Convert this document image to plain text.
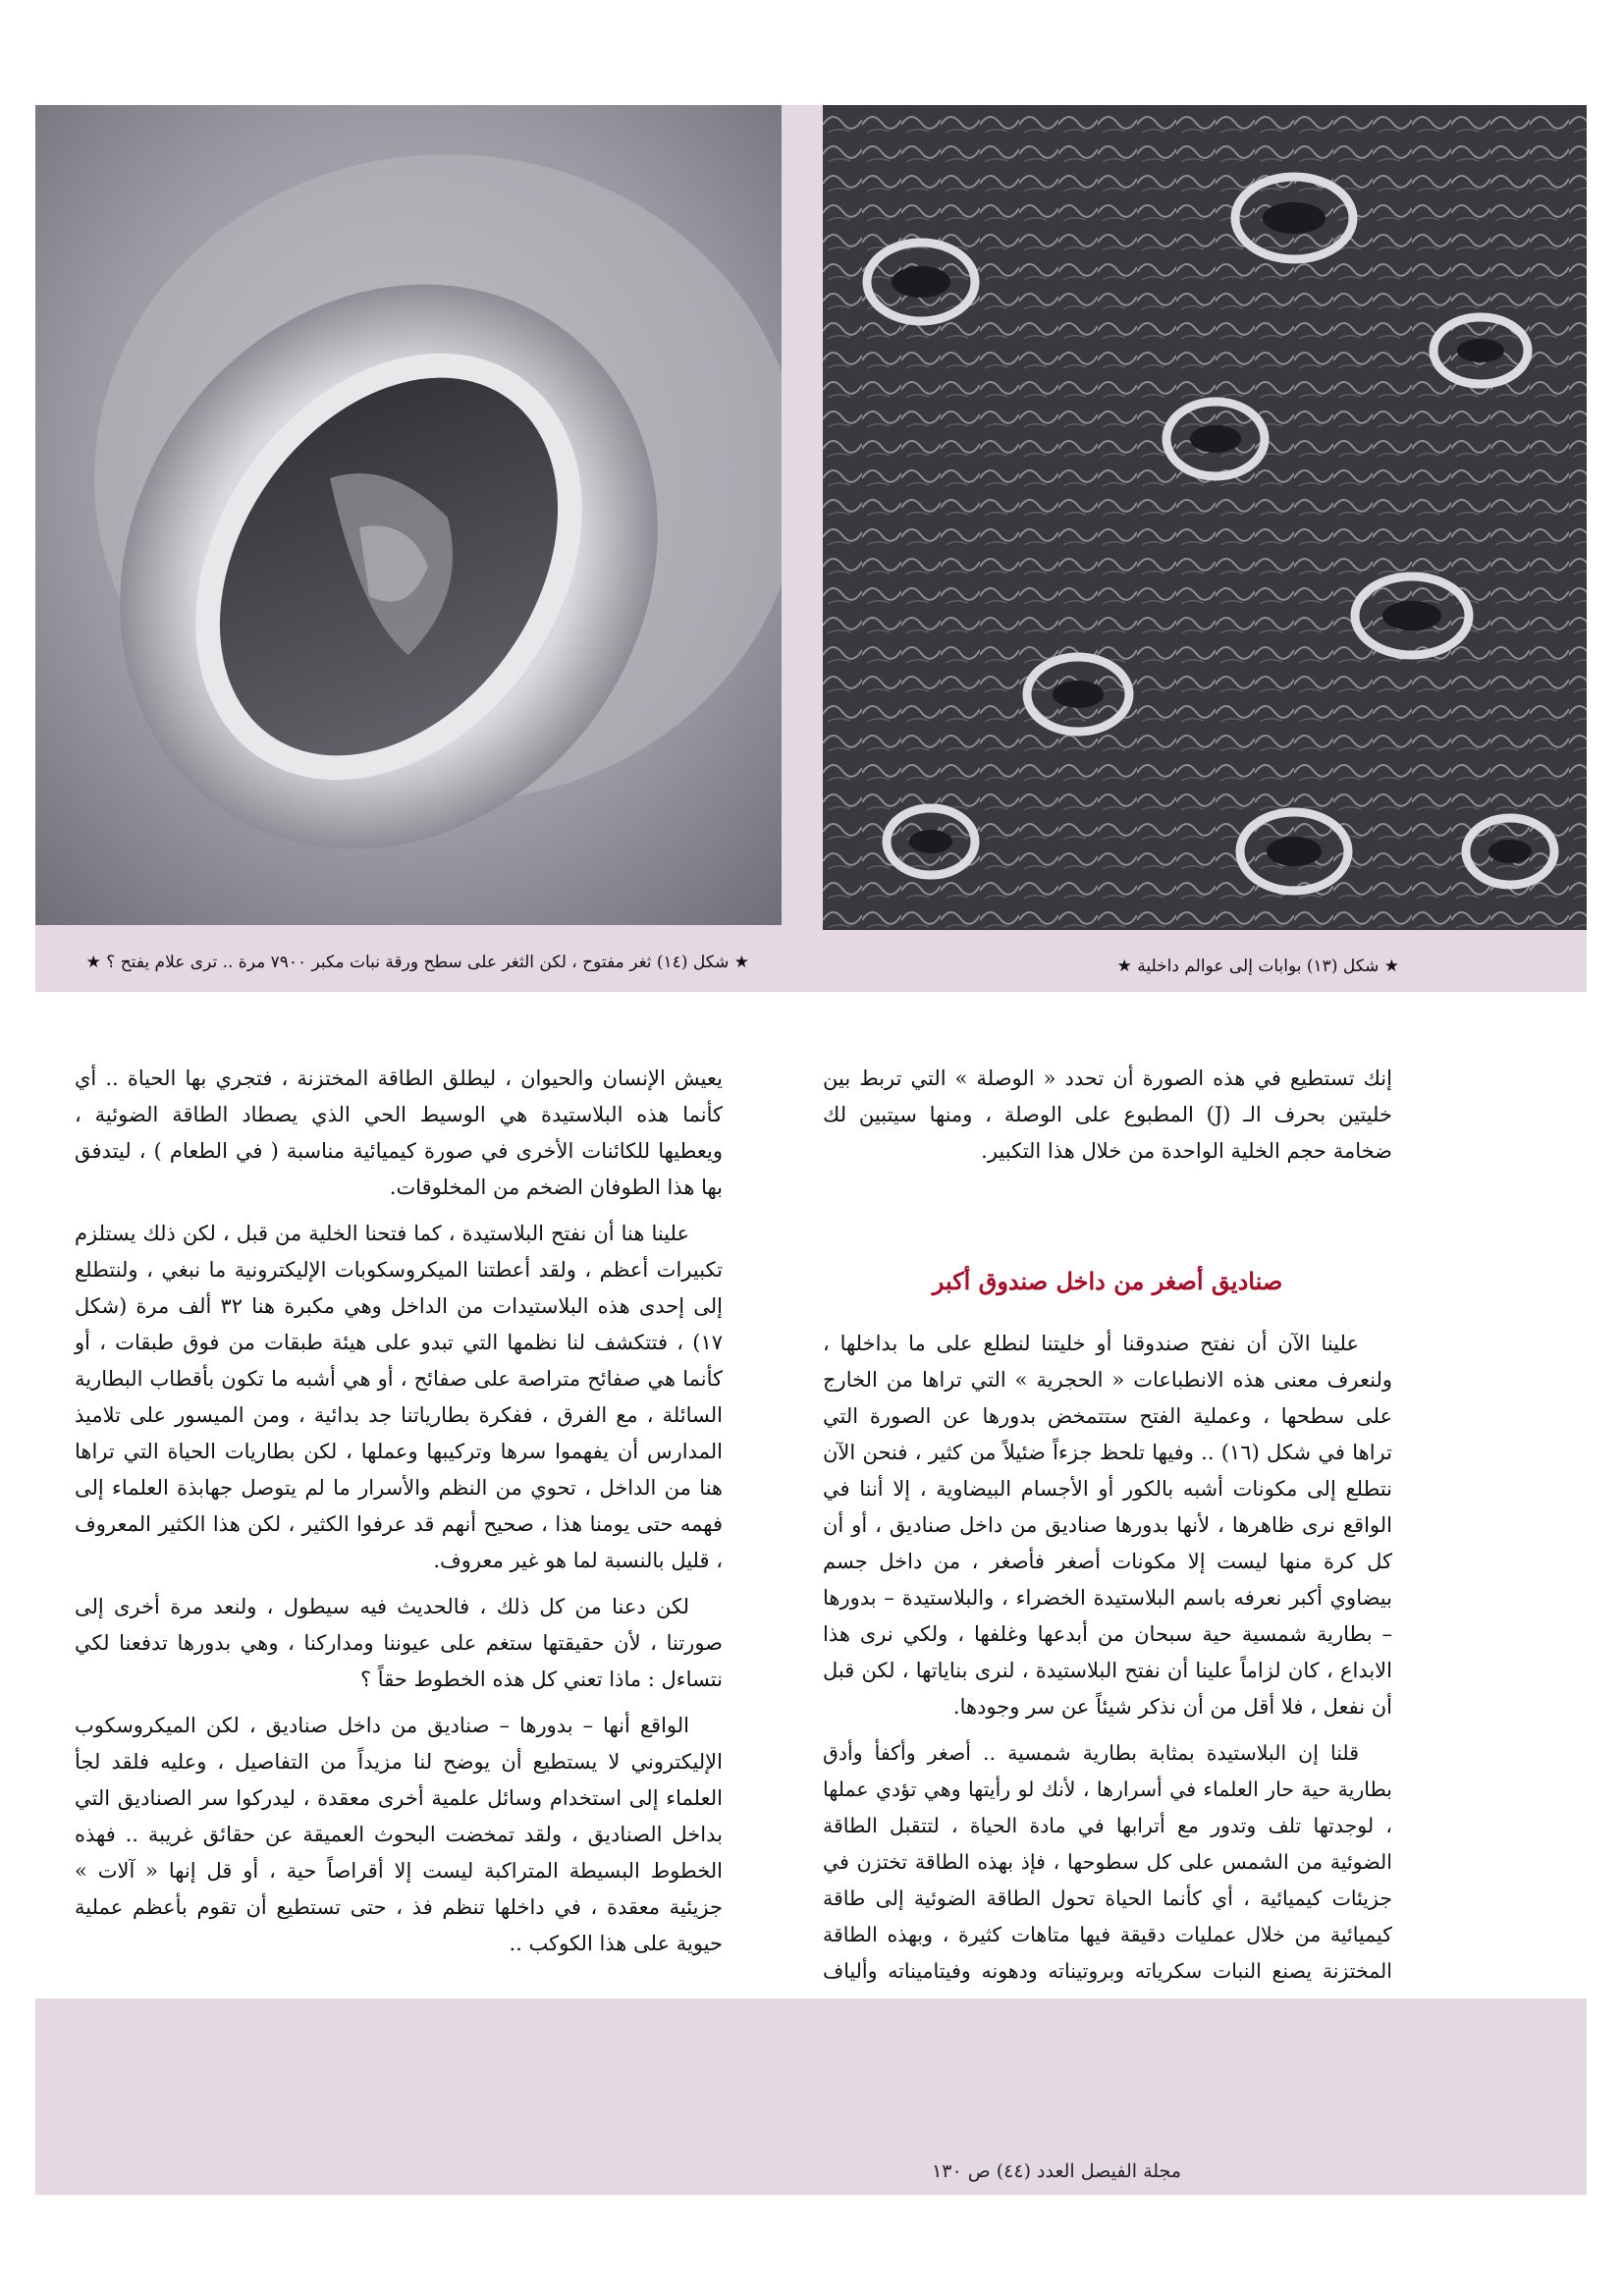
★ شكل (١٣) بوابات إلى عوالم داخلية ★
★ شكل (١٤) ثغر مفتوح ، لكن الثغر على سطح ورقة نبات مكبر ٧٩٠٠ مرة .. ترى علام يفتح ؟ ★

إنك تستطيع في هذه الصورة أن تحدد « الوصلة » التي تربط بين خليتين بحرف الـ (J) المطبوع على الوصلة ، ومنها سيتبين لك ضخامة حجم الخلية الواحدة من خلال هذا التكبير.

صناديق أصغر من داخل صندوق أكبر

علينا الآن أن نفتح صندوقنا أو خليتنا لنطلع على ما بداخلها ، ولنعرف معنى هذه الانطباعات « الحجرية » التي تراها من الخارج على سطحها ، وعملية الفتح ستتمخض بدورها عن الصورة التي تراها في شكل (١٦) .. وفيها تلحظ جزءاً ضئيلاً من كثير ، فنحن الآن نتطلع إلى مكونات أشبه بالكور أو الأجسام البيضاوية ، إلا أننا في الواقع نرى ظاهرها ، لأنها بدورها صناديق من داخل صناديق ، أو أن كل كرة منها ليست إلا مكونات أصغر فأصغر ، من داخل جسم بيضاوي أكبر نعرفه باسم البلاستيدة الخضراء ، والبلاستيدة – بدورها – بطارية شمسية حية سبحان من أبدعها وغلفها ، ولكي نرى هذا الابداع ، كان لزاماً علينا أن نفتح البلاستيدة ، لنرى بناياتها ، لكن قبل أن نفعل ، فلا أقل من أن نذكر شيئاً عن سر وجودها.

قلنا إن البلاستيدة بمثابة بطارية شمسية .. أصغر وأكفأ وأدق بطارية حية حار العلماء في أسرارها ، لأنك لو رأيتها وهي تؤدي عملها ، لوجدتها تلف وتدور مع أترابها في مادة الحياة ، لتتقبل الطاقة الضوئية من الشمس على كل سطوحها ، فإذ بهذه الطاقة تختزن في جزيئات كيميائية ، أي كأنما الحياة تحول الطاقة الضوئية إلى طاقة كيميائية من خلال عمليات دقيقة فيها متاهات كثيرة ، وبهذه الطاقة المختزنة يصنع النبات سكرياته وبروتيناته ودهونه وفيتاميناته وألياف

يعيش الإنسان والحيوان ، ليطلق الطاقة المختزنة ، فتجري بها الحياة .. أي كأنما هذه البلاستيدة هي الوسيط الحي الذي يصطاد الطاقة الضوئية ، ويعطيها للكائنات الأخرى في صورة كيميائية مناسبة ( في الطعام ) ، ليتدفق بها هذا الطوفان الضخم من المخلوقات.

علينا هنا أن نفتح البلاستيدة ، كما فتحنا الخلية من قبل ، لكن ذلك يستلزم تكبيرات أعظم ، ولقد أعطتنا الميكروسكوبات الإليكترونية ما نبغي ، ولنتطلع إلى إحدى هذه البلاستيدات من الداخل وهي مكبرة هنا ٣٢ ألف مرة (شكل ١٧) ، فتتكشف لنا نظمها التي تبدو على هيئة طبقات من فوق طبقات ، أو كأنما هي صفائح متراصة على صفائح ، أو هي أشبه ما تكون بأقطاب البطارية السائلة ، مع الفرق ، ففكرة بطارياتنا جد بدائية ، ومن الميسور على تلاميذ المدارس أن يفهموا سرها وتركيبها وعملها ، لكن بطاريات الحياة التي تراها هنا من الداخل ، تحوي من النظم والأسرار ما لم يتوصل جهابذة العلماء إلى فهمه حتى يومنا هذا ، صحيح أنهم قد عرفوا الكثير ، لكن هذا الكثير المعروف ، قليل بالنسبة لما هو غير معروف.

لكن دعنا من كل ذلك ، فالحديث فيه سيطول ، ولنعد مرة أخرى إلى صورتنا ، لأن حقيقتها ستغم على عيوننا ومداركنا ، وهي بدورها تدفعنا لكي نتساءل : ماذا تعني كل هذه الخطوط حقاً ؟

الواقع أنها – بدورها – صناديق من داخل صناديق ، لكن الميكروسكوب الإليكتروني لا يستطيع أن يوضح لنا مزيداً من التفاصيل ، وعليه فلقد لجأ العلماء إلى استخدام وسائل علمية أخرى معقدة ، ليدركوا سر الصناديق التي بداخل الصناديق ، ولقد تمخضت البحوث العميقة عن حقائق غريبة .. فهذه الخطوط البسيطة المتراكبة ليست إلا أقراصاً حية ، أو قل إنها « آلات » جزيئية معقدة ، في داخلها تنظم فذ ، حتى تستطيع أن تقوم بأعظم عملية حيوية على هذا الكوكب ..

مجلة الفيصل العدد (٤٤) ص ١٣٠
